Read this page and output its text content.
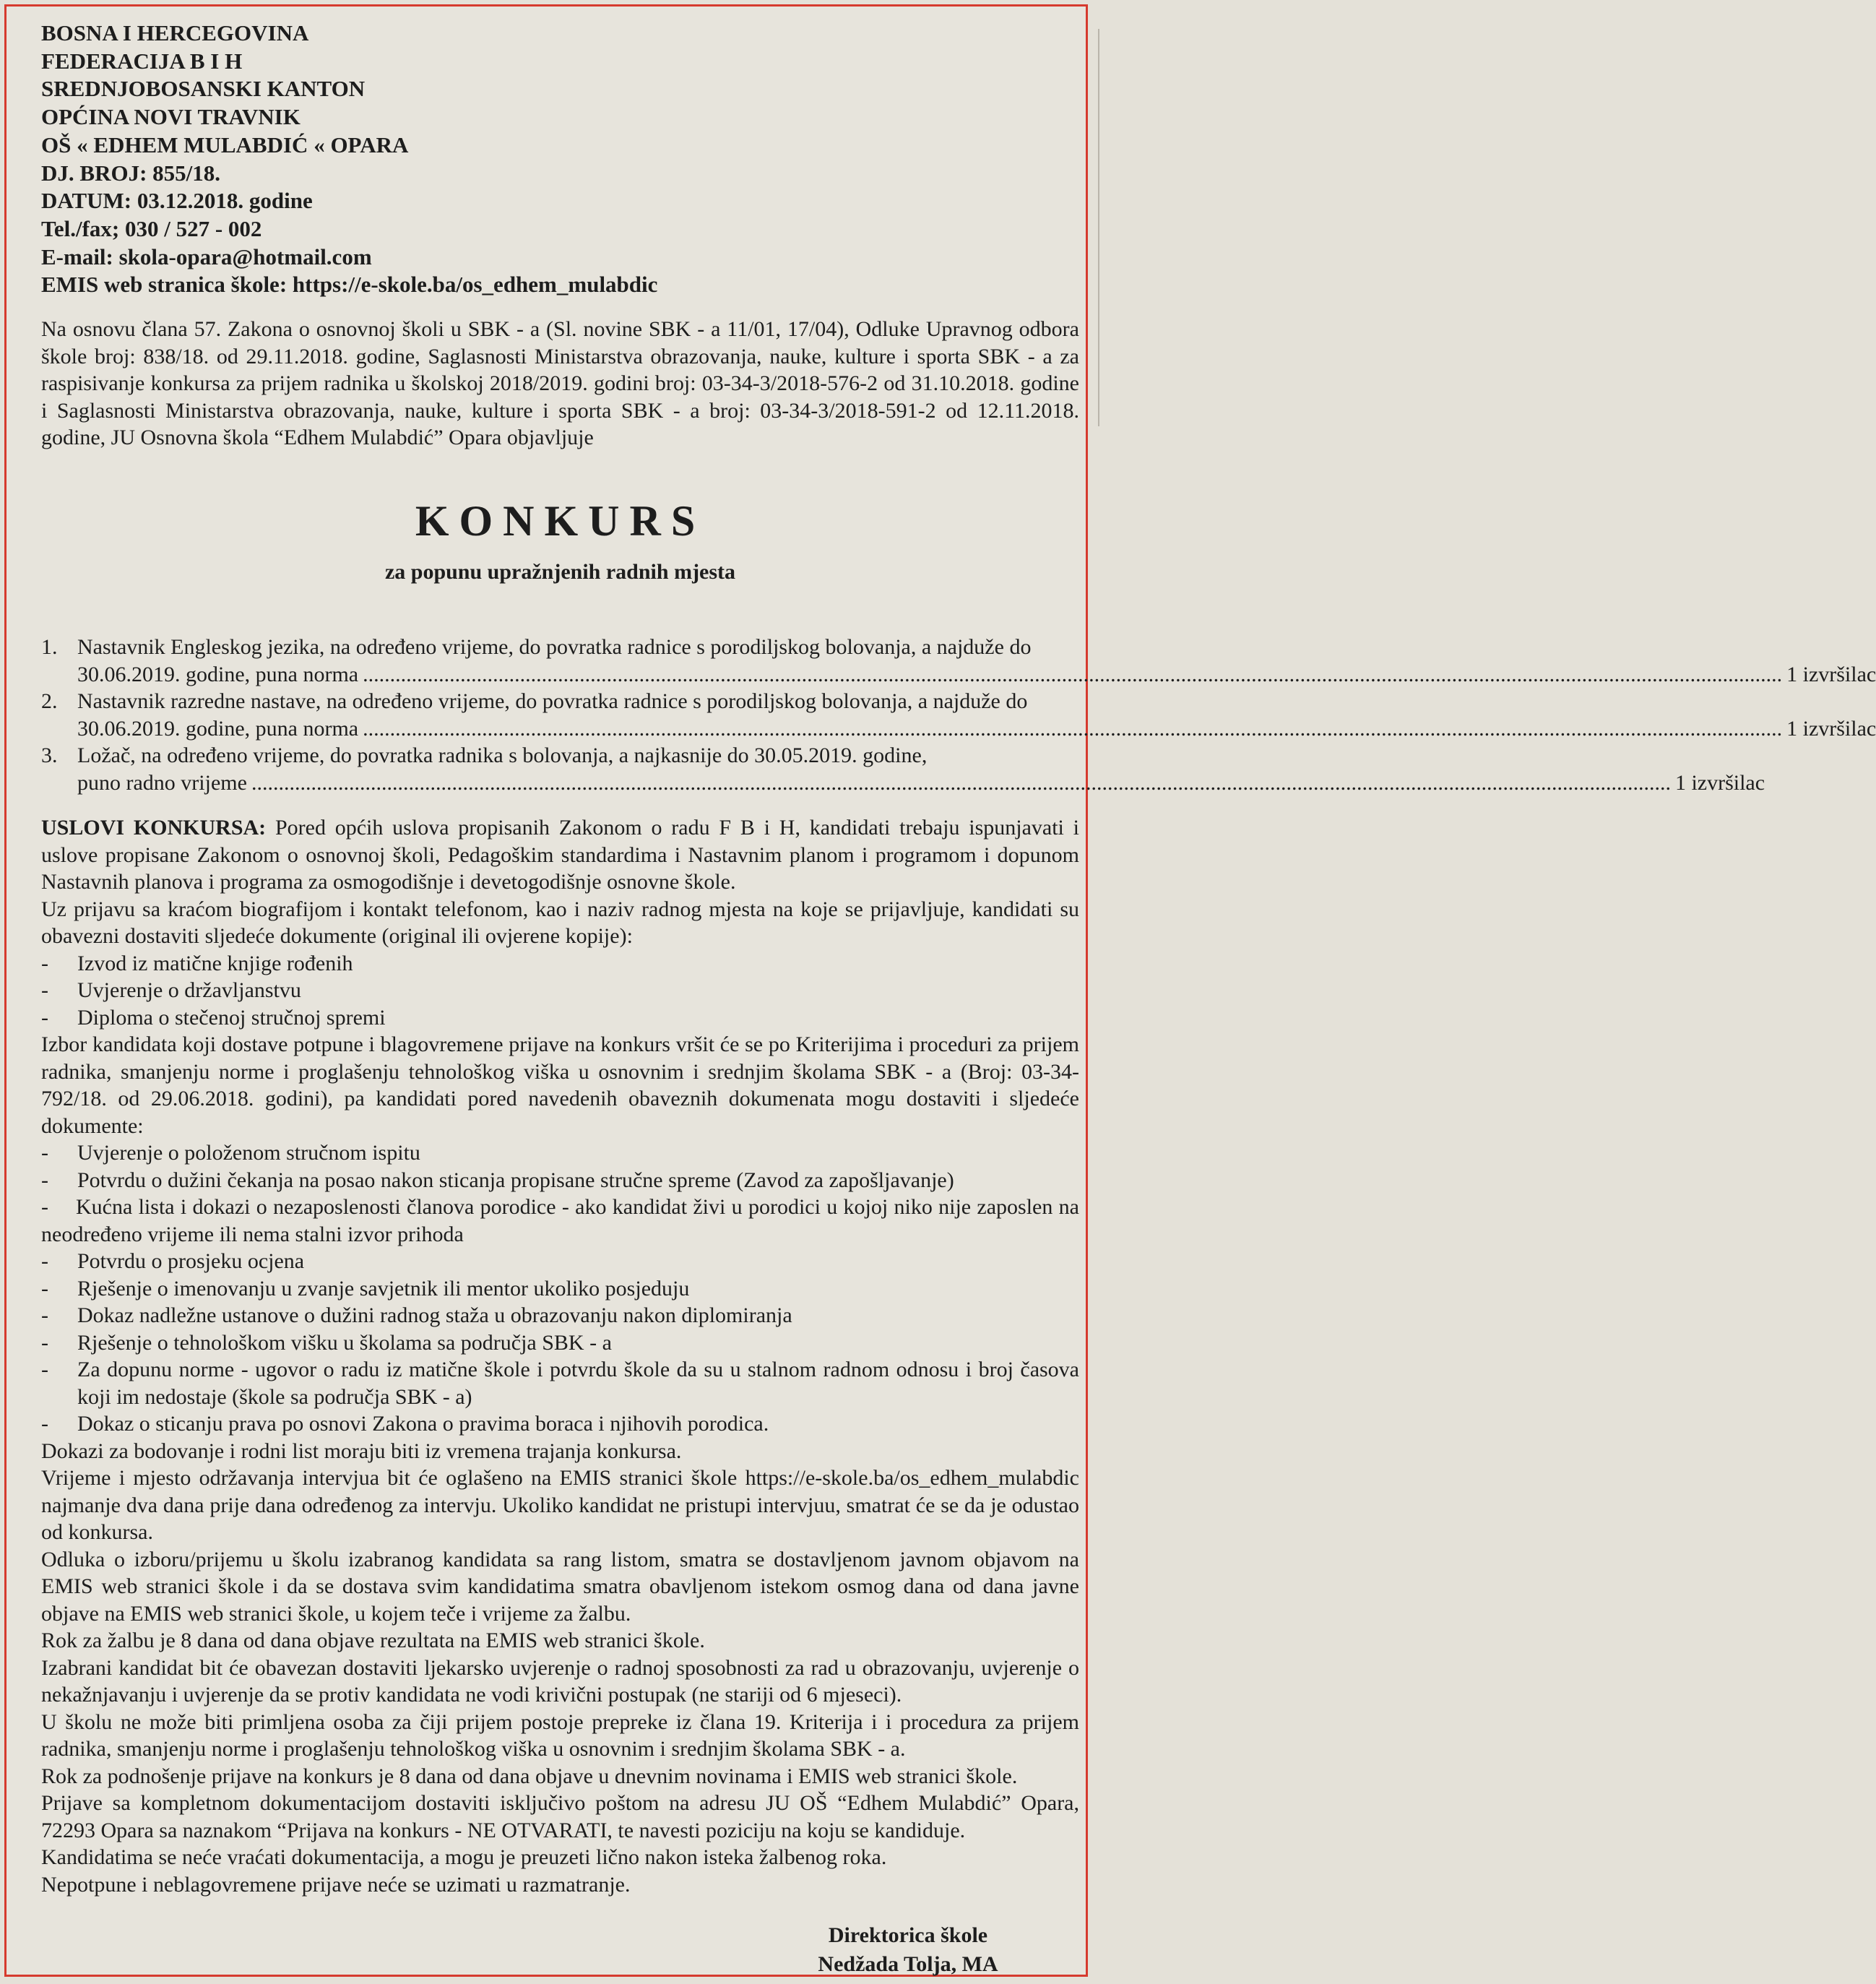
BOSNA I HERCEGOVINA
FEDERACIJA B I H
SREDNJOBOSANSKI KANTON
OPĆINA NOVI TRAVNIK
OŠ « EDHEM MULABDIĆ « OPARA
DJ. BROJ: 855/18.
DATUM: 03.12.2018. godine
Tel./fax; 030 / 527 - 002
E-mail: skola-opara@hotmail.com
EMIS web stranica škole: https://e-skole.ba/os_edhem_mulabdic
Na osnovu člana 57. Zakona o osnovnoj školi u SBK - a (Sl. novine SBK - a 11/01, 17/04), Odluke Upravnog odbora škole broj: 838/18. od 29.11.2018. godine, Saglasnosti Ministarstva obrazovanja, nauke, kulture i sporta SBK - a za raspisivanje konkursa za prijem radnika u školskoj 2018/2019. godini broj: 03-34-3/2018-576-2 od 31.10.2018. godine i Saglasnosti Ministarstva obrazovanja, nauke, kulture i sporta SBK - a broj: 03-34-3/2018-591-2 od 12.11.2018. godine, JU Osnovna škola “Edhem Mulabdić” Opara objavljuje
KONKURS
za popunu upražnjenih radnih mjesta
1. Nastavnik Engleskog jezika, na određeno vrijeme, do povratka radnice s porodiljskog bolovanja, a najduže do
30.06.2019. godine, puna norma .....	1 izvršilac
2. Nastavnik razredne nastave, na određeno vrijeme, do povratka radnice s porodiljskog bolovanja, a najduže do
30.06.2019. godine, puna norma .....	1 izvršilac
3. Ložač, na određeno vrijeme, do povratka radnika s bolovanja, a najkasnije do 30.05.2019. godine,
puno radno vrijeme .....	1 izvršilac

USLOVI KONKURSA: Pored općih uslova propisanih Zakonom o radu F B i H, kandidati trebaju ispunjavati i uslove propisane Zakonom o osnovnoj školi, Pedagoškim standardima i Nastavnim planom i programom i dopunom Nastavnih planova i programa za osmogodišnje i devetogodišnje osnovne škole.

Uz prijavu sa kraćom biografijom i kontakt telefonom, kao i naziv radnog mjesta na koje se prijavljuje, kandidati su obavezni dostaviti sljedeće dokumente (original ili ovjerene kopije):

-	Izvod iz matične knjige rođenih
-	Uvjerenje o državljanstvu
-	Diploma o stečenoj stručnoj spremi

Izbor kandidata koji dostave potpune i blagovremene prijave na konkurs vršit će se po Kriterijima i proceduri za prijem radnika, smanjenju norme i proglašenju tehnološkog viška u osnovnim i srednjim školama SBK - a (Broj: 03-34-792/18. od 29.06.2018. godini), pa kandidati pored navedenih obaveznih dokumenata mogu dostaviti i sljedeće dokumente:

-	Uvjerenje o položenom stručnom ispitu
-	Potvrdu o dužini čekanja na posao nakon sticanja propisane stručne spreme (Zavod za zapošljavanje)

- Kućna lista i dokazi o nezaposlenosti članova porodice - ako kandidat živi u porodici u kojoj niko nije zaposlen na neodređeno vrijeme ili nema stalni izvor prihoda

-	Potvrdu o prosjeku ocjena
-	Rješenje o imenovanju u zvanje savjetnik ili mentor ukoliko posjeduju
-	Dokaz nadležne ustanove o dužini radnog staža u obrazovanju nakon diplomiranja
-	Rješenje o tehnološkom višku u školama sa područja SBK - a
-	Za dopunu norme - ugovor o radu iz matične škole i potvrdu škole da su u stalnom radnom odnosu i broj časova koji im nedostaje (škole sa područja SBK - a)
-	Dokaz o sticanju prava po osnovi Zakona o pravima boraca i njihovih porodica.

Dokazi za bodovanje i rodni list moraju biti iz vremena trajanja konkursa.

Vrijeme i mjesto održavanja intervjua bit će oglašeno na EMIS stranici škole https://e-skole.ba/os_edhem_mulabdic najmanje dva dana prije dana određenog za intervju. Ukoliko kandidat ne pristupi intervjuu, smatrat će se da je odustao od konkursa.

Odluka o izboru/prijemu u školu izabranog kandidata sa rang listom, smatra se dostavljenom javnom objavom na EMIS web stranici škole i da se dostava svim kandidatima smatra obavljenom istekom osmog dana od dana javne objave na EMIS web stranici škole, u kojem teče i vrijeme za žalbu.

Rok za žalbu je 8 dana od dana objave rezultata na EMIS web stranici škole.

Izabrani kandidat bit će obavezan dostaviti ljekarsko uvjerenje o radnoj sposobnosti za rad u obrazovanju, uvjerenje o nekažnjavanju i uvjerenje da se protiv kandidata ne vodi krivični postupak (ne stariji od 6 mjeseci).

U školu ne može biti primljena osoba za čiji prijem postoje prepreke iz člana 19. Kriterija i i procedura za prijem radnika, smanjenju norme i proglašenju tehnološkog viška u osnovnim i srednjim školama SBK - a.

Rok za podnošenje prijave na konkurs je 8 dana od dana objave u dnevnim novinama i EMIS web stranici škole.

Prijave sa kompletnom dokumentacijom dostaviti isključivo poštom na adresu JU OŠ “Edhem Mulabdić” Opara, 72293 Opara sa naznakom “Prijava na konkurs - NE OTVARATI, te navesti poziciju na koju se kandiduje.

Kandidatima se neće vraćati dokumentacija, a mogu je preuzeti lično nakon isteka žalbenog roka.

Nepotpune i neblagovremene prijave neće se uzimati u razmatranje.

Direktorica škole
Nedžada Tolja, MA
